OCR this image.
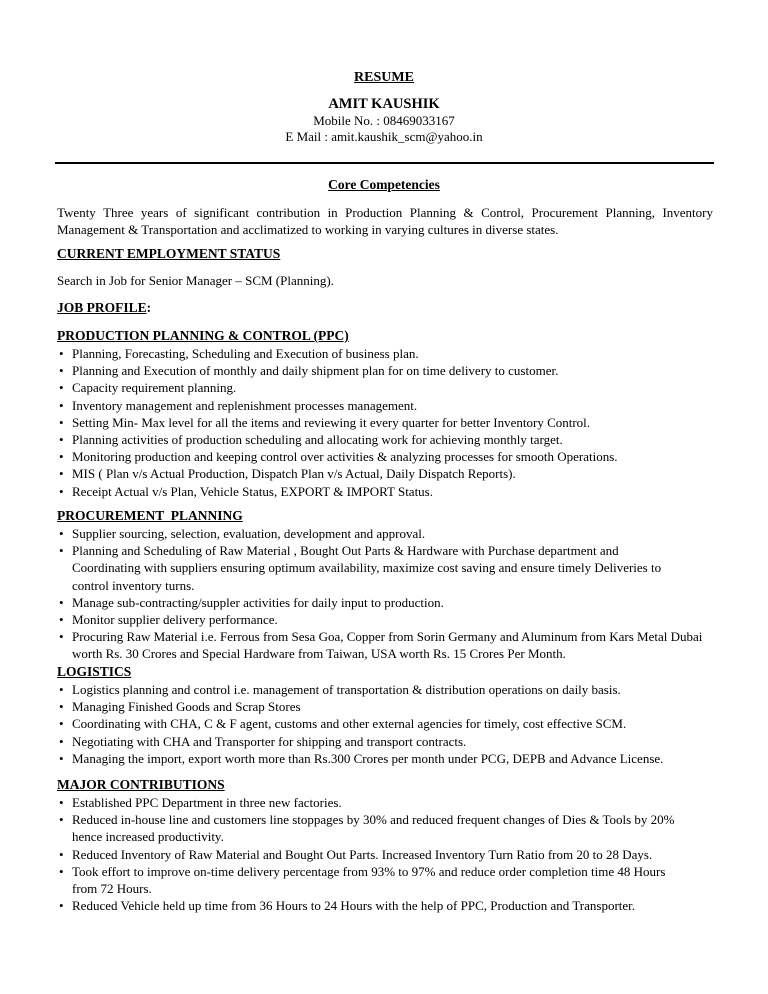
RESUME
AMIT KAUSHIK
Mobile No. : 08469033167
E Mail : amit.kaushik_scm@yahoo.in
Core Competencies
Twenty Three years of significant contribution in Production Planning & Control, Procurement Planning, Inventory Management & Transportation and acclimatized to working in varying cultures in diverse states.
CURRENT EMPLOYMENT STATUS
Search in Job for Senior Manager – SCM (Planning).
JOB PROFILE:
PRODUCTION PLANNING & CONTROL (PPC)
• Planning, Forecasting, Scheduling and Execution of business plan.
• Planning and Execution of monthly and daily shipment plan for on time delivery to customer.
• Capacity requirement planning.
• Inventory management and replenishment processes management.
• Setting Min- Max level for all the items and reviewing it every quarter for better Inventory Control.
• Planning activities of production scheduling and allocating work for achieving monthly target.
• Monitoring production and keeping control over activities & analyzing processes for smooth Operations.
• MIS ( Plan v/s Actual Production, Dispatch Plan v/s Actual, Daily Dispatch Reports).
• Receipt Actual v/s Plan, Vehicle Status, EXPORT & IMPORT Status.
PROCUREMENT  PLANNING
• Supplier sourcing, selection, evaluation, development and approval.
• Planning and Scheduling of Raw Material , Bought Out Parts & Hardware with Purchase department and Coordinating with suppliers ensuring optimum availability, maximize cost saving and ensure timely Deliveries to control inventory turns.
• Manage sub-contracting/suppler activities for daily input to production.
• Monitor supplier delivery performance.
• Procuring Raw Material i.e. Ferrous from Sesa Goa, Copper from Sorin Germany and Aluminum from Kars Metal Dubai worth Rs. 30 Crores and Special Hardware from Taiwan, USA worth Rs. 15 Crores Per Month.
LOGISTICS
• Logistics planning and control i.e. management of transportation & distribution operations on daily basis.
• Managing Finished Goods and Scrap Stores
• Coordinating with CHA, C & F agent, customs and other external agencies for timely, cost effective SCM.
• Negotiating with CHA and Transporter for shipping and transport contracts.
• Managing the import, export worth more than Rs.300 Crores per month under PCG, DEPB and Advance License.
MAJOR CONTRIBUTIONS
• Established PPC Department in three new factories.
• Reduced in-house line and customers line stoppages by 30% and reduced frequent changes of Dies & Tools by 20% hence increased productivity.
• Reduced Inventory of Raw Material and Bought Out Parts. Increased Inventory Turn Ratio from 20 to 28 Days.
• Took effort to improve on-time delivery percentage from 93% to 97% and reduce order completion time 48 Hours from 72 Hours.
• Reduced Vehicle held up time from 36 Hours to 24 Hours with the help of PPC, Production and Transporter.
